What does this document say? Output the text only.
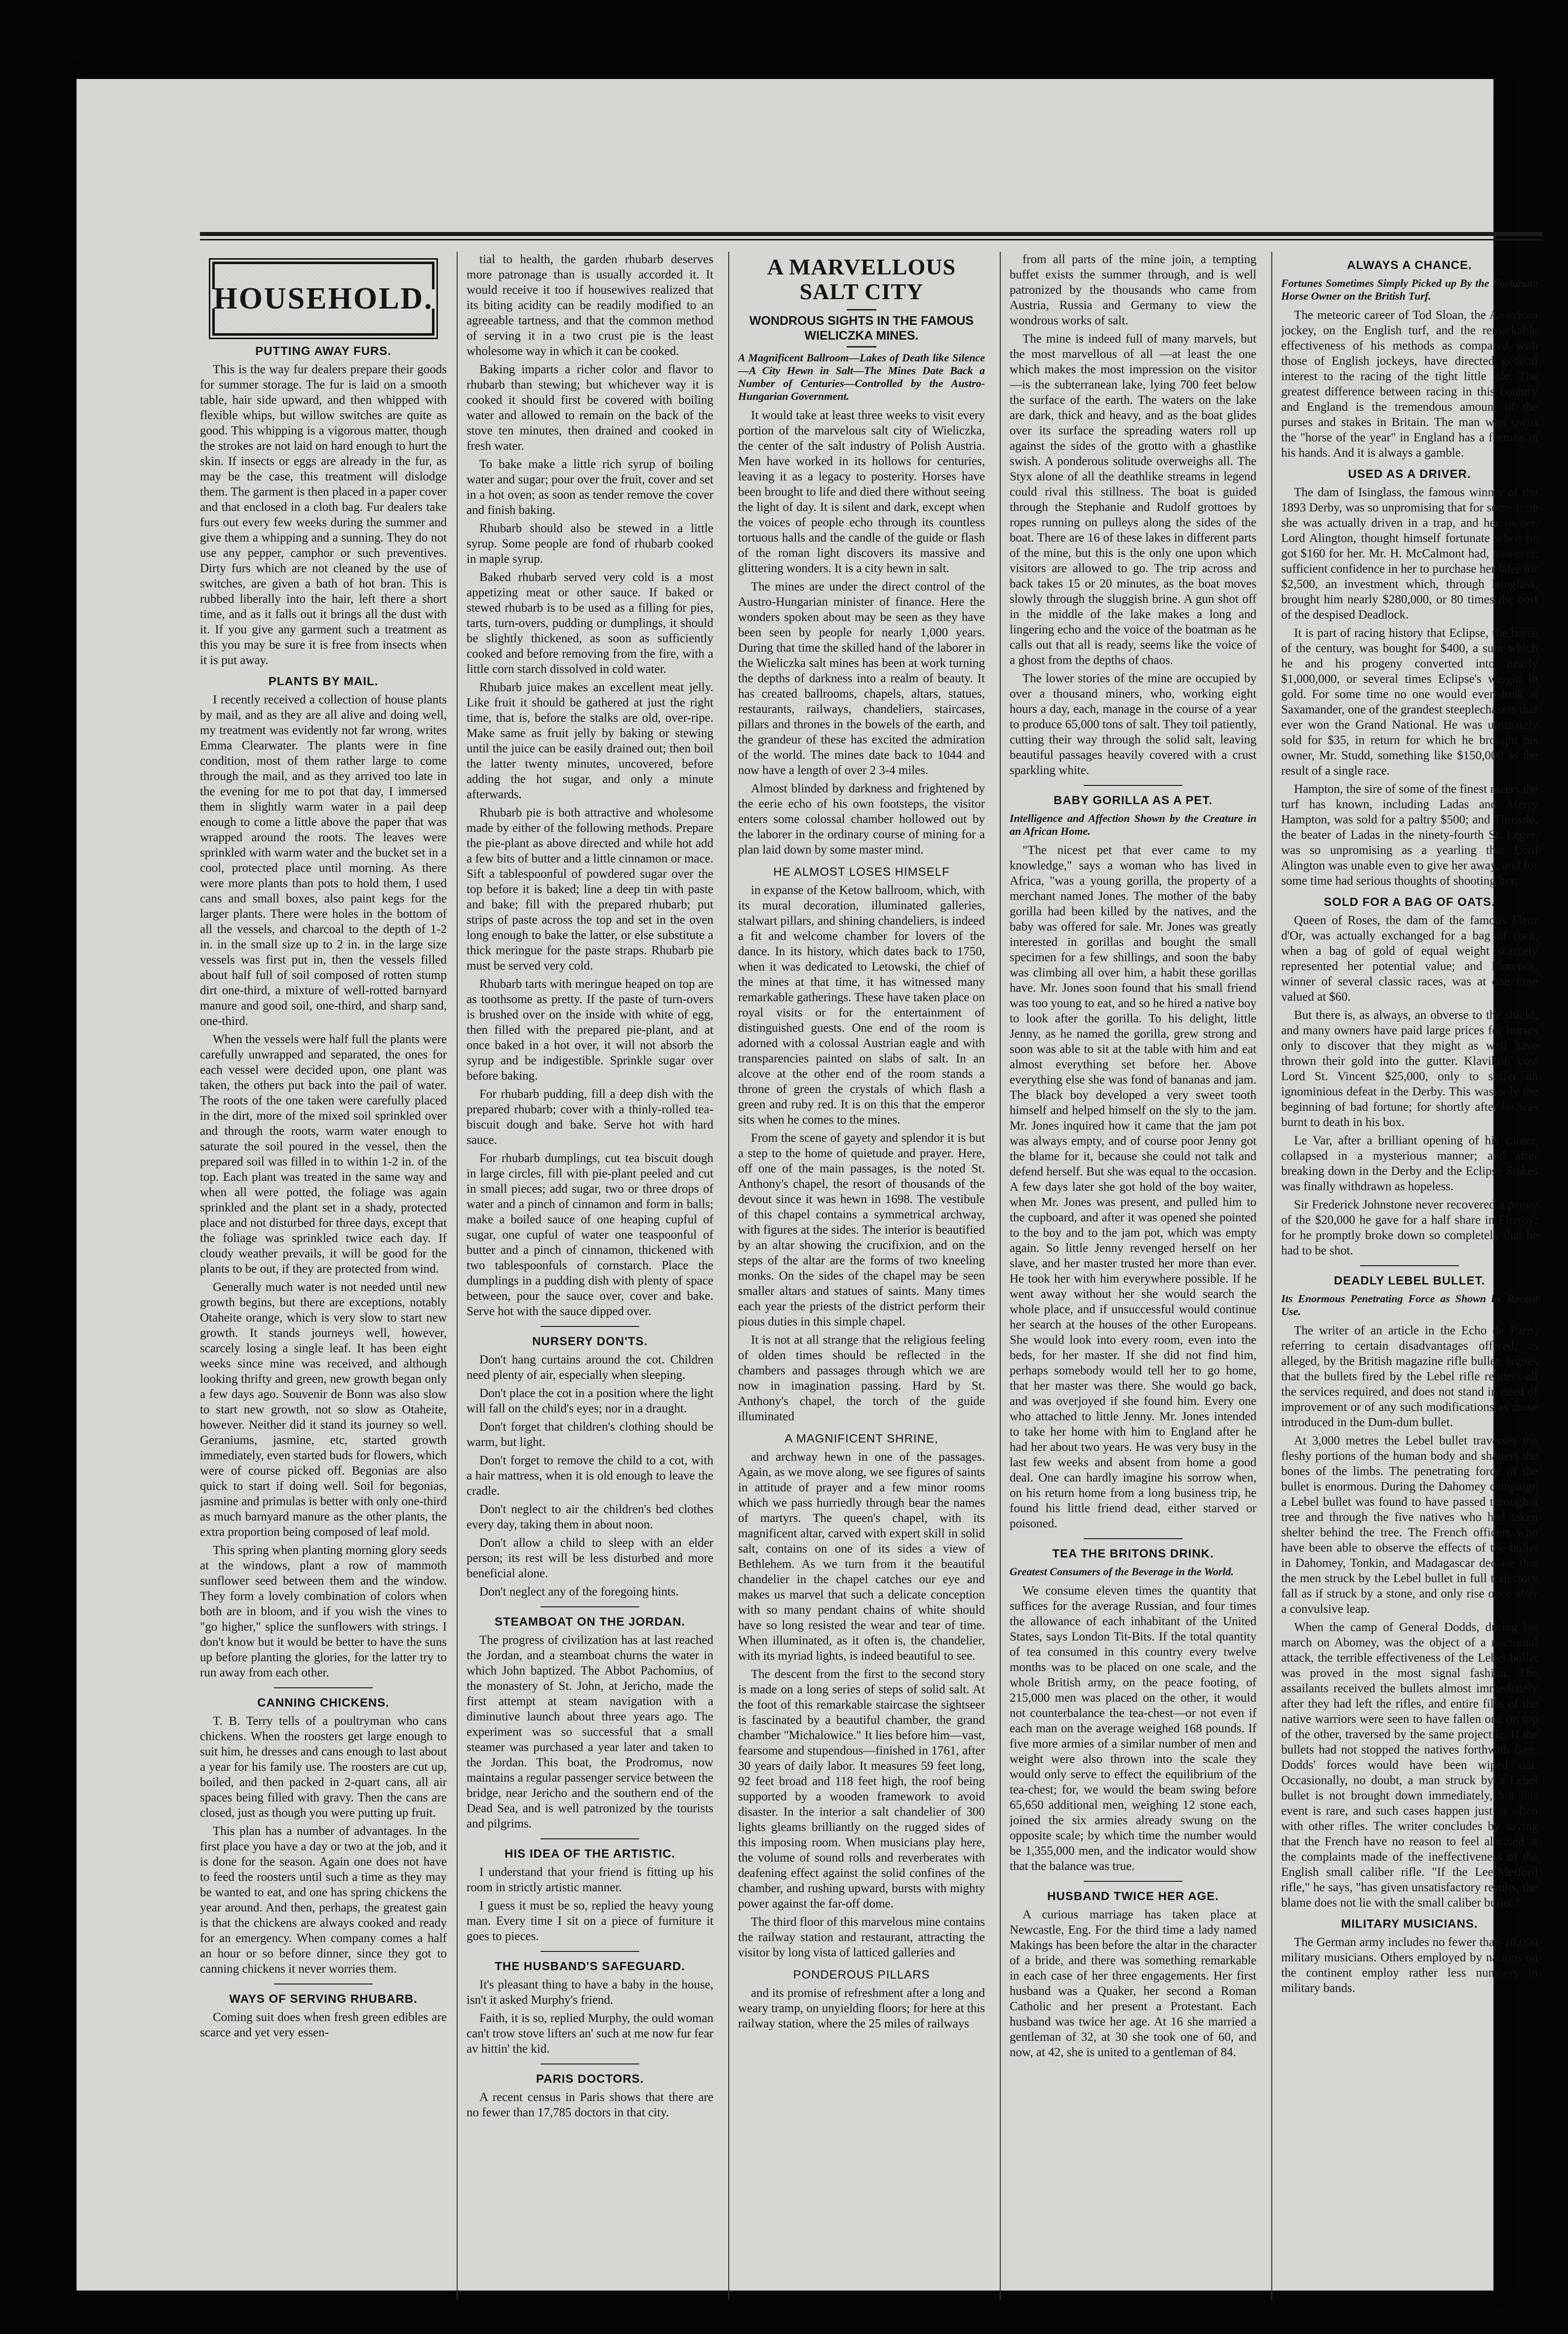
HOUSEHOLD.
PUTTING AWAY FURS.

This is the way fur dealers prepare their goods for summer storage. The fur is laid on a smooth table, hair side upward, and then whipped with flexible whips, but willow switches are quite as good. This whipping is a vigorous matter, though the strokes are not laid on hard enough to hurt the skin. If insects or eggs are already in the fur, as may be the case, this treatment will dislodge them. The garment is then placed in a paper cover and that enclosed in a cloth bag. Fur dealers take furs out every few weeks during the summer and give them a whipping and a sunning. They do not use any pepper, camphor or such preventives. Dirty furs which are not cleaned by the use of switches, are given a bath of hot bran. This is rubbed liberally into the hair, left there a short time, and as it falls out it brings all the dust with it. If you give any garment such a treatment as this you may be sure it is free from insects when it is put away.

PLANTS BY MAIL.

I recently received a collection of house plants by mail, and as they are all alive and doing well, my treatment was evidently not far wrong, writes Emma Clearwater. The plants were in fine condition, most of them rather large to come through the mail, and as they arrived too late in the evening for me to pot that day, I immersed them in slightly warm water in a pail deep enough to come a little above the paper that was wrapped around the roots. The leaves were sprinkled with warm water and the bucket set in a cool, protected place until morning. As there were more plants than pots to hold them, I used cans and small boxes, also paint kegs for the larger plants. There were holes in the bottom of all the vessels, and charcoal to the depth of 1-2 in. in the small size up to 2 in. in the large size vessels was first put in, then the vessels filled about half full of soil composed of rotten stump dirt one-third, a mixture of well-rotted barnyard manure and good soil, one-third, and sharp sand, one-third.

When the vessels were half full the plants were carefully unwrapped and separated, the ones for each vessel were decided upon, one plant was taken, the others put back into the pail of water. The roots of the one taken were carefully placed in the dirt, more of the mixed soil sprinkled over and through the roots, warm water enough to saturate the soil poured in the vessel, then the prepared soil was filled in to within 1-2 in. of the top. Each plant was treated in the same way and when all were potted, the foliage was again sprinkled and the plant set in a shady, protected place and not disturbed for three days, except that the foliage was sprinkled twice each day. If cloudy weather prevails, it will be good for the plants to be out, if they are protected from wind.

Generally much water is not needed until new growth begins, but there are exceptions, notably Otaheite orange, which is very slow to start new growth. It stands journeys well, however, scarcely losing a single leaf. It has been eight weeks since mine was received, and although looking thrifty and green, new growth began only a few days ago. Souvenir de Bonn was also slow to start new growth, not so slow as Otaheite, however. Neither did it stand its journey so well. Geraniums, jasmine, etc, started growth immediately, even started buds for flowers, which were of course picked off. Begonias are also quick to start if doing well. Soil for begonias, jasmine and primulas is better with only one-third as much barnyard manure as the other plants, the extra proportion being composed of leaf mold.

This spring when planting morning glory seeds at the windows, plant a row of mammoth sunflower seed between them and the window. They form a lovely combination of colors when both are in bloom, and if you wish the vines to "go higher," splice the sunflowers with strings. I don't know but it would be better to have the suns up before planting the glories, for the latter try to run away from each other.

CANNING CHICKENS.

T. B. Terry tells of a poultryman who cans chickens. When the roosters get large enough to suit him, he dresses and cans enough to last about a year for his family use. The roosters are cut up, boiled, and then packed in 2-quart cans, all air spaces being filled with gravy. Then the cans are closed, just as though you were putting up fruit.

This plan has a number of advantages. In the first place you have a day or two at the job, and it is done for the season. Again one does not have to feed the roosters until such a time as they may be wanted to eat, and one has spring chickens the year around. And then, perhaps, the greatest gain is that the chickens are always cooked and ready for an emergency. When company comes a half an hour or so before dinner, since they got to canning chickens it never worries them.

WAYS OF SERVING RHUBARB.

Coming suit does when fresh green edibles are scarce and yet very essen-

tial to health, the garden rhubarb deserves more patronage than is usually accorded it. It would receive it too if housewives realized that its biting acidity can be readily modified to an agreeable tartness, and that the common method of serving it in a two crust pie is the least wholesome way in which it can be cooked.

Baking imparts a richer color and flavor to rhubarb than stewing; but whichever way it is cooked it should first be covered with boiling water and allowed to remain on the back of the stove ten minutes, then drained and cooked in fresh water.

To bake make a little rich syrup of boiling water and sugar; pour over the fruit, cover and set in a hot oven; as soon as tender remove the cover and finish baking.

Rhubarb should also be stewed in a little syrup. Some people are fond of rhubarb cooked in maple syrup.

Baked rhubarb served very cold is a most appetizing meat or other sauce. If baked or stewed rhubarb is to be used as a filling for pies, tarts, turn-overs, pudding or dumplings, it should be slightly thickened, as soon as sufficiently cooked and before removing from the fire, with a little corn starch dissolved in cold water.

Rhubarb juice makes an excellent meat jelly. Like fruit it should be gathered at just the right time, that is, before the stalks are old, over-ripe. Make same as fruit jelly by baking or stewing until the juice can be easily drained out; then boil the latter twenty minutes, uncovered, before adding the hot sugar, and only a minute afterwards.

Rhubarb pie is both attractive and wholesome made by either of the following methods. Prepare the pie-plant as above directed and while hot add a few bits of butter and a little cinnamon or mace. Sift a tablespoonful of powdered sugar over the top before it is baked; line a deep tin with paste and bake; fill with the prepared rhubarb; put strips of paste across the top and set in the oven long enough to bake the latter, or else substitute a thick meringue for the paste straps. Rhubarb pie must be served very cold.

Rhubarb tarts with meringue heaped on top are as toothsome as pretty. If the paste of turn-overs is brushed over on the inside with white of egg, then filled with the prepared pie-plant, and at once baked in a hot over, it will not absorb the syrup and be indigestible. Sprinkle sugar over before baking.

For rhubarb pudding, fill a deep dish with the prepared rhubarb; cover with a thinly-rolled tea-biscuit dough and bake. Serve hot with hard sauce.

For rhubarb dumplings, cut tea biscuit dough in large circles, fill with pie-plant peeled and cut in small pieces; add sugar, two or three drops of water and a pinch of cinnamon and form in balls; make a boiled sauce of one heaping cupful of sugar, one cupful of water one teaspoonful of butter and a pinch of cinnamon, thickened with two tablespoonfuls of cornstarch. Place the dumplings in a pudding dish with plenty of space between, pour the sauce over, cover and bake. Serve hot with the sauce dipped over.

NURSERY DON'TS.

Don't hang curtains around the cot. Children need plenty of air, especially when sleeping.

Don't place the cot in a position where the light will fall on the child's eyes; nor in a draught.

Don't forget that children's clothing should be warm, but light.

Don't forget to remove the child to a cot, with a hair mattress, when it is old enough to leave the cradle.

Don't neglect to air the children's bed clothes every day, taking them in about noon.

Don't allow a child to sleep with an elder person; its rest will be less disturbed and more beneficial alone.

Don't neglect any of the foregoing hints.

STEAMBOAT ON THE JORDAN.

The progress of civilization has at last reached the Jordan, and a steamboat churns the water in which John baptized. The Abbot Pachomius, of the monastery of St. John, at Jericho, made the first attempt at steam navigation with a diminutive launch about three years ago. The experiment was so successful that a small steamer was purchased a year later and taken to the Jordan. This boat, the Prodromus, now maintains a regular passenger service between the bridge, near Jericho and the southern end of the Dead Sea, and is well patronized by the tourists and pilgrims.

HIS IDEA OF THE ARTISTIC.

I understand that your friend is fitting up his room in strictly artistic manner.

I guess it must be so, replied the heavy young man. Every time I sit on a piece of furniture it goes to pieces.

THE HUSBAND'S SAFEGUARD.

It's pleasant thing to have a baby in the house, isn't it asked Murphy's friend.

Faith, it is so, replied Murphy, the ould woman can't trow stove lifters an' such at me now fur fear av hittin' the kid.

PARIS DOCTORS.

A recent census in Paris shows that there are no fewer than 17,785 doctors in that city.

A MARVELLOUS SALT CITY
WONDROUS SIGHTS IN THE FAMOUS WIELICZKA MINES.
A Magnificent Ballroom—Lakes of Death like Silence—A City Hewn in Salt—The Mines Date Back a Number of Centuries—Controlled by the Austro-Hungarian Government.

It would take at least three weeks to visit every portion of the marvelous salt city of Wieliczka, the center of the salt industry of Polish Austria. Men have worked in its hollows for centuries, leaving it as a legacy to posterity. Horses have been brought to life and died there without seeing the light of day. It is silent and dark, except when the voices of people echo through its countless tortuous halls and the candle of the guide or flash of the roman light discovers its massive and glittering wonders. It is a city hewn in salt.

The mines are under the direct control of the Austro-Hungarian minister of finance. Here the wonders spoken about may be seen as they have been seen by people for nearly 1,000 years. During that time the skilled hand of the laborer in the Wieliczka salt mines has been at work turning the depths of darkness into a realm of beauty. It has created ballrooms, chapels, altars, statues, restaurants, railways, chandeliers, staircases, pillars and thrones in the bowels of the earth, and the grandeur of these has excited the admiration of the world. The mines date back to 1044 and now have a length of over 2 3-4 miles.

Almost blinded by darkness and frightened by the eerie echo of his own footsteps, the visitor enters some colossal chamber hollowed out by the laborer in the ordinary course of mining for a plan laid down by some master mind.

HE ALMOST LOSES HIMSELF

in expanse of the Ketow ballroom, which, with its mural decoration, illuminated galleries, stalwart pillars, and shining chandeliers, is indeed a fit and welcome chamber for lovers of the dance. In its history, which dates back to 1750, when it was dedicated to Letowski, the chief of the mines at that time, it has witnessed many remarkable gatherings. These have taken place on royal visits or for the entertainment of distinguished guests. One end of the room is adorned with a colossal Austrian eagle and with transparencies painted on slabs of salt. In an alcove at the other end of the room stands a throne of green the crystals of which flash a green and ruby red. It is on this that the emperor sits when he comes to the mines.

From the scene of gayety and splendor it is but a step to the home of quietude and prayer. Here, off one of the main passages, is the noted St. Anthony's chapel, the resort of thousands of the devout since it was hewn in 1698. The vestibule of this chapel contains a symmetrical archway, with figures at the sides. The interior is beautified by an altar showing the crucifixion, and on the steps of the altar are the forms of two kneeling monks. On the sides of the chapel may be seen smaller altars and statues of saints. Many times each year the priests of the district perform their pious duties in this simple chapel.

It is not at all strange that the religious feeling of olden times should be reflected in the chambers and passages through which we are now in imagination passing. Hard by St. Anthony's chapel, the torch of the guide illuminated

A MAGNIFICENT SHRINE,

and archway hewn in one of the passages. Again, as we move along, we see figures of saints in attitude of prayer and a few minor rooms which we pass hurriedly through bear the names of martyrs. The queen's chapel, with its magnificent altar, carved with expert skill in solid salt, contains on one of its sides a view of Bethlehem. As we turn from it the beautiful chandelier in the chapel catches our eye and makes us marvel that such a delicate conception with so many pendant chains of white should have so long resisted the wear and tear of time. When illuminated, as it often is, the chandelier, with its myriad lights, is indeed beautiful to see.

The descent from the first to the second story is made on a long series of steps of solid salt. At the foot of this remarkable staircase the sightseer is fascinated by a beautiful chamber, the grand chamber "Michalowice." It lies before him—vast, fearsome and stupendous—finished in 1761, after 30 years of daily labor. It measures 59 feet long, 92 feet broad and 118 feet high, the roof being supported by a wooden framework to avoid disaster. In the interior a salt chandelier of 300 lights gleams brilliantly on the rugged sides of this imposing room. When musicians play here, the volume of sound rolls and reverberates with deafening effect against the solid confines of the chamber, and rushing upward, bursts with mighty power against the far-off dome.

The third floor of this marvelous mine contains the railway station and restaurant, attracting the visitor by long vista of latticed galleries and

PONDEROUS PILLARS

and its promise of refreshment after a long and weary tramp, on unyielding floors; for here at this railway station, where the 25 miles of railways

from all parts of the mine join, a tempting buffet exists the summer through, and is well patronized by the thousands who came from Austria, Russia and Germany to view the wondrous works of salt.

The mine is indeed full of many marvels, but the most marvellous of all —at least the one which makes the most impression on the visitor—is the subterranean lake, lying 700 feet below the surface of the earth. The waters on the lake are dark, thick and heavy, and as the boat glides over its surface the spreading waters roll up against the sides of the grotto with a ghastlike swish. A ponderous solitude overweighs all. The Styx alone of all the deathlike streams in legend could rival this stillness. The boat is guided through the Stephanie and Rudolf grottoes by ropes running on pulleys along the sides of the boat. There are 16 of these lakes in different parts of the mine, but this is the only one upon which visitors are allowed to go. The trip across and back takes 15 or 20 minutes, as the boat moves slowly through the sluggish brine. A gun shot off in the middle of the lake makes a long and lingering echo and the voice of the boatman as he calls out that all is ready, seems like the voice of a ghost from the depths of chaos.

The lower stories of the mine are occupied by over a thousand miners, who, working eight hours a day, each, manage in the course of a year to produce 65,000 tons of salt. They toil patiently, cutting their way through the solid salt, leaving beautiful passages heavily covered with a crust sparkling white.

BABY GORILLA AS A PET.
Intelligence and Affection Shown by the Creature in an African Home.

"The nicest pet that ever came to my knowledge," says a woman who has lived in Africa, "was a young gorilla, the property of a merchant named Jones. The mother of the baby gorilla had been killed by the natives, and the baby was offered for sale. Mr. Jones was greatly interested in gorillas and bought the small specimen for a few shillings, and soon the baby was climbing all over him, a habit these gorillas have. Mr. Jones soon found that his small friend was too young to eat, and so he hired a native boy to look after the gorilla. To his delight, little Jenny, as he named the gorilla, grew strong and soon was able to sit at the table with him and eat almost everything set before her. Above everything else she was fond of bananas and jam. The black boy developed a very sweet tooth himself and helped himself on the sly to the jam. Mr. Jones inquired how it came that the jam pot was always empty, and of course poor Jenny got the blame for it, because she could not talk and defend herself. But she was equal to the occasion. A few days later she got hold of the boy waiter, when Mr. Jones was present, and pulled him to the cupboard, and after it was opened she pointed to the boy and to the jam pot, which was empty again. So little Jenny revenged herself on her slave, and her master trusted her more than ever. He took her with him everywhere possible. If he went away without her she would search the whole place, and if unsuccessful would continue her search at the houses of the other Europeans. She would look into every room, even into the beds, for her master. If she did not find him, perhaps somebody would tell her to go home, that her master was there. She would go back, and was overjoyed if she found him. Every one who attached to little Jenny. Mr. Jones intended to take her home with him to England after he had her about two years. He was very busy in the last few weeks and absent from home a good deal. One can hardly imagine his sorrow when, on his return home from a long business trip, he found his little friend dead, either starved or poisoned.

TEA THE BRITONS DRINK.
Greatest Consumers of the Beverage in the World.

We consume eleven times the quantity that suffices for the average Russian, and four times the allowance of each inhabitant of the United States, says London Tit-Bits. If the total quantity of tea consumed in this country every twelve months was to be placed on one scale, and the whole British army, on the peace footing, of 215,000 men was placed on the other, it would not counterbalance the tea-chest—or not even if each man on the average weighed 168 pounds. If five more armies of a similar number of men and weight were also thrown into the scale they would only serve to effect the equilibrium of the tea-chest; for, we would the beam swing before 65,650 additional men, weighing 12 stone each, joined the six armies already swung on the opposite scale; by which time the number would be 1,355,000 men, and the indicator would show that the balance was true.

HUSBAND TWICE HER AGE.

A curious marriage has taken place at Newcastle, Eng. For the third time a lady named Makings has been before the altar in the character of a bride, and there was something remarkable in each case of her three engagements. Her first husband was a Quaker, her second a Roman Catholic and her present a Protestant. Each husband was twice her age. At 16 she married a gentleman of 32, at 30 she took one of 60, and now, at 42, she is united to a gentleman of 84.

ALWAYS A CHANCE.
Fortunes Sometimes Simply Picked up By the Fortunate Horse Owner on the British Turf.

The meteoric career of Tod Sloan, the American jockey, on the English turf, and the remarkable effectiveness of his methods as compared with those of English jockeys, have directed general interest to the racing of the tight little isle. The greatest difference between racing in this country and England is the tremendous amount of the purses and stakes in Britain. The man who owns the "horse of the year" in England has a fortune in his hands. And it is always a gamble.

USED AS A DRIVER.

The dam of Isinglass, the famous winner of the 1893 Derby, was so unpromising that for some time she was actually driven in a trap, and her owner, Lord Alington, thought himself fortunate when he got $160 for her. Mr. H. McCalmont had, however, sufficient confidence in her to purchase her later for $2,500, an investment which, through Isinglass, brought him nearly $280,000, or 80 times the cost of the despised Deadlock.

It is part of racing history that Eclipse, the horse of the century, was bought for $400, a sum which he and his progeny converted into nearly $1,000,000, or several times Eclipse's weight in gold. For some time no one would even look at Saxamander, one of the grandest steeplechasers that ever won the Grand National. He was ultimately sold for $35, in return for which he brought his owner, Mr. Studd, something like $150,000 as the result of a single race.

Hampton, the sire of some of the finest racers the turf has known, including Ladas and Merry Hampton, was sold for a paltry $500; and Throstle, the beater of Ladas in the ninety-fourth St. Leger, was so unpromising as a yearling that Lord Alington was unable even to give her away, and for some time had serious thoughts of shooting her.

SOLD FOR A BAG OF OATS.

Queen of Roses, the dam of the famous Fleur d'Or, was actually exchanged for a bag of corn, when a bag of gold of equal weight scarcely represented her potential value; and Florence, winner of several classic races, was at one time valued at $60.

But there is, as always, an obverse to the shield; and many owners have paid large prices for horses only to discover that they might as well have thrown their gold into the gutter. Klavikoff cost Lord St. Vincent $25,000, only to suffer an ignominious defeat in the Derby. This was only the beginning of bad fortune; for shortly after he was burnt to death in his box.

Le Var, after a brilliant opening of his career, collapsed in a mysterious manner; and after breaking down in the Derby and the Eclipse Stakes was finally withdrawn as hopeless.

Sir Frederick Johnstone never recovered a penny of the $20,000 he gave for a half share in Fitzroy; for he promptly broke down so completely that he had to be shot.

DEADLY LEBEL BULLET.
Its Enormous Penetrating Force as Shown by Recent Use.

The writer of an article in the Echo de Paris, referring to certain disadvantages offered, as alleged, by the British magazine rifle bullet, argues that the bullets fired by the Lebel rifle renders all the services required, and does not stand in need of improvement or of any such modifications as those introduced in the Dum-dum bullet.

At 3,000 metres the Lebel bullet traverses the fleshy portions of the human body and shatters the bones of the limbs. The penetrating force of the bullet is enormous. During the Dahomey campaign a Lebel bullet was found to have passed through a tree and through the five natives who had taken shelter behind the tree. The French officers who have been able to observe the effects of the bullet in Dahomey, Tonkin, and Madagascar declare that the men struck by the Lebel bullet in full trajectory fall as if struck by a stone, and only rise once after a convulsive leap.

When the camp of General Dodds, during his march on Abomey, was the object of a nocturnal attack, the terrible effectiveness of the Lebel bullet was proved in the most signal fashion. The assailants received the bullets almost immediately after they had left the rifles, and entire files of the native warriors were seen to have fallen one on top of the other, traversed by the same projectile. If the bullets had not stopped the natives forthwith Gen. Dodds' forces would have been wiped out. Occasionally, no doubt, a man struck by a Lebel bullet is not brought down immediately, but this event is rare, and such cases happen just as often with other rifles. The writer concludes by saying that the French have no reason to feel alarmed at the complaints made of the ineffectiveness of the English small caliber rifle. "If the Lee-Metford rifle," he says, "has given unsatisfactory results, the blame does not lie with the small caliber bullet."

MILITARY MUSICIANS.

The German army includes no fewer than 10,000 military musicians. Others employed by nations on the continent employ rather less numbers in military bands.
